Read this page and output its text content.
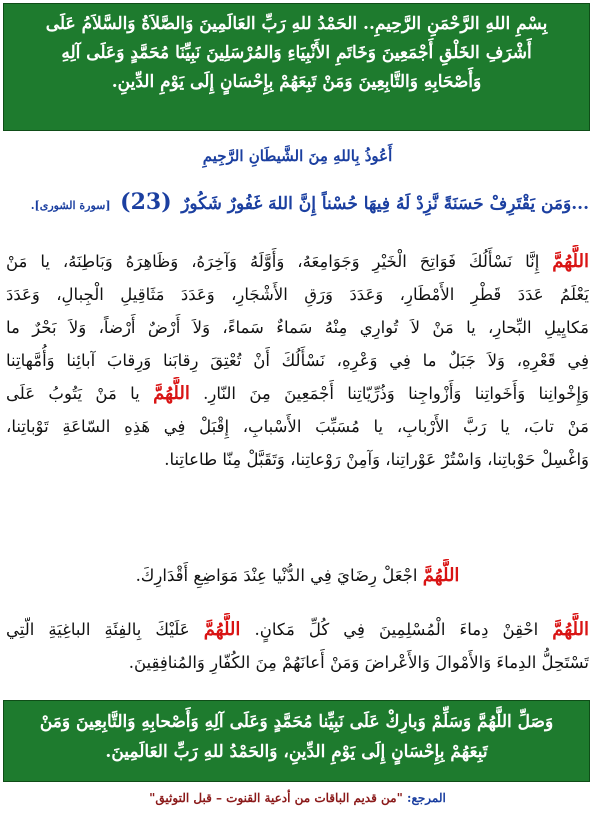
بِسْمِ اللهِ الرَّحْمَنِ الرَّحِيمِ.. الحَمْدُ للهِ رَبِّ العَالَمِينَ وَالصَّلاَةُ وَالسَّلاَمُ عَلَى
أَشْرَفِ الخَلْقِ أَجْمَعِينَ وَخَاتَمِ الأَنْبِيَاءِ وَالمُرْسَلِينَ نَبِيِّنَا مُحَمَّدٍ وَعَلَى آلِهِ
وَأَصْحَابِهِ وَالتَّابِعِينَ وَمَنْ تَبِعَهُمْ بِإِحْسَانٍ إِلَى يَوْمِ الدِّينِ.
أَعُوذُ بِاللهِ مِنَ الشَّيطَانِ الرَّجِيمِ
...وَمَن يَقْتَرِفْ حَسَنَةً نَّزِدْ لَهُ فِيهَا حُسْناً إِنَّ اللهَ غَفُورٌ شَكُورٌ (23) [سورة الشورى].
اللَّهُمَّ إِنَّا نَسْأَلُكَ فَوَاتِحَ الْخَيْرِ وَجَوَامِعَهُ، وَأَوَّلَهُ وَآخِرَهُ، وَظَاهِرَهُ وَبَاطِنَهُ، يا مَنْ
يَعْلَمُ عَدَدَ قَطْرِ الأَمْطَارِ، وَعَدَدَ وَرَقِ الأَشْجَارِ، وَعَدَدَ مَثَاقِيلِ الْجِبالِ، وَعَدَدَ
مَكايِيلِ البِّحارِ، يا مَنْ لاَ تُوارِي مِنْهُ سَماءٌ سَماءً، وَلاَ أَرْضٌ أَرْضاً، وَلاَ بَحْرٌ ما
فِي قَعْرِهِ، وَلاَ جَبَلٌ ما فِي وَعْرِهِ، نَسْأَلُكَ أَنْ تُعْتِقَ رِقابَنا وَرِقابَ آبائِنا وَأُمَّهاتِنا
وَإِخْوانِنا وَأَخَواتِنا وَأَزْواجِنا وَذُرِّيّاتِنا أَجْمَعِينَ مِنَ النّارِ. اللَّهُمَّ يا مَنْ يَتُوبُ عَلَى
مَنْ تابَ، يا رَبَّ الأَرْبابِ، يا مُسَبِّبَ الأَسْبابِ، إِقْبَلْ فِي هَذِهِ السّاعَةِ تَوْباتِنا،
وَاغْسِلْ حَوْباتِنا، وَاسْتُرْ عَوْراتِنا، وَآمِنْ رَوْعاتِنا، وَتَقَبَّلْ مِنّا طاعاتِنا.
اللَّهُمَّ اجْعَلْ رِضَايَ فِي الدُّنْيا عِنْدَ مَوَاضِعِ أَقْدَارِكَ.
اللَّهُمَّ احْقِنْ دِماءَ الْمُسْلِمِينَ فِي كُلِّ مَكانٍ. اللَّهُمَّ عَلَيْكَ بِالفِئَةِ الباغِيَةِ الّتِي
تَسْتَحِلُّ الدِماءَ وَالأَمْوالَ وَالأَعْراضَ وَمَنْ أَعانَهُمْ مِنَ الكُفّارِ وَالمُنافِقِينَ.
وَصَلِّ اللَّهُمَّ وَسَلِّمْ وَبارِكْ عَلَى نَبِيِّنا مُحَمَّدٍ وَعَلَى آلِهِ وَأَصْحابِهِ وَالتَّابِعِينَ وَمَنْ
تَبِعَهُمْ بِإِحْسَانٍ إِلَى يَوْمِ الدِّينِ، وَالحَمْدُ للهِ رَبِّ العَالَمِينَ.
المرجع: "من قديم الباقات من أدعية القنوت – قبل التوثيق"
